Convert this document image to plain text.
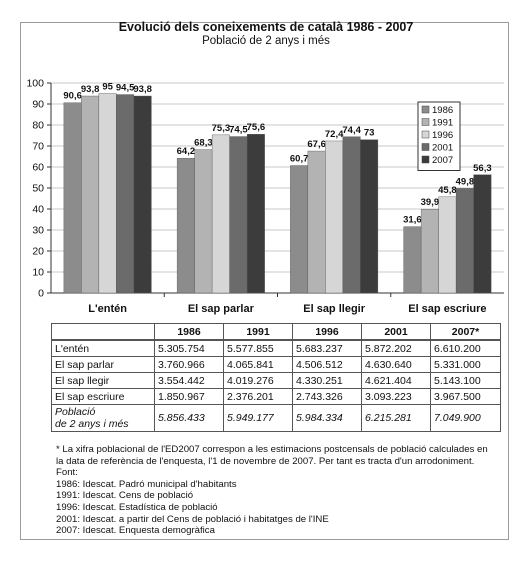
Evolució dels coneixements de català 1986 - 2007
Població de 2 anys i més
0
10
20
30
40
50
60
70
80
90
100
90,6
93,8 95 94,5 93,8
L'entén
64,2
68,3
75,3 74,5 75,6
El sap parlar
60,7
67,6
72,4 74,4 73
El sap llegir
31,6
39,9
45,8
49,8
56,3
El sap escriure
1986
1991
1996
2001
2007
	1986	1991	1996	2001	2007*
L'entén	5.305.754	5.577.855	5.683.237	5.872.202	6.610.200
El sap parlar	3.760.966	4.065.841	4.506.512	4.630.640	5.331.000
El sap llegir	3.554.442	4.019.276	4.330.251	4.621.404	5.143.100
El sap escriure	1.850.967	2.376.201	2.743.326	3.093.223	3.967.500

Població
de 2 anys i més	5.856.433	5.949.177	5.984.334	6.215.281	7.049.900
* La xifra poblacional de l'ED2007 correspon a les estimacions postcensals de població calculades en la data de referència de l'enquesta, l'1 de novembre de 2007. Per tant es tracta d'un arrodoniment.
Font:
1986: Idescat. Padró municipal d'habitants
1991: Idescat. Cens de població
1996: Idescat. Estadística de població
2001: Idescat. a partir del Cens de població i habitatges de l'INE
2007: Idescat. Enquesta demogràfica
